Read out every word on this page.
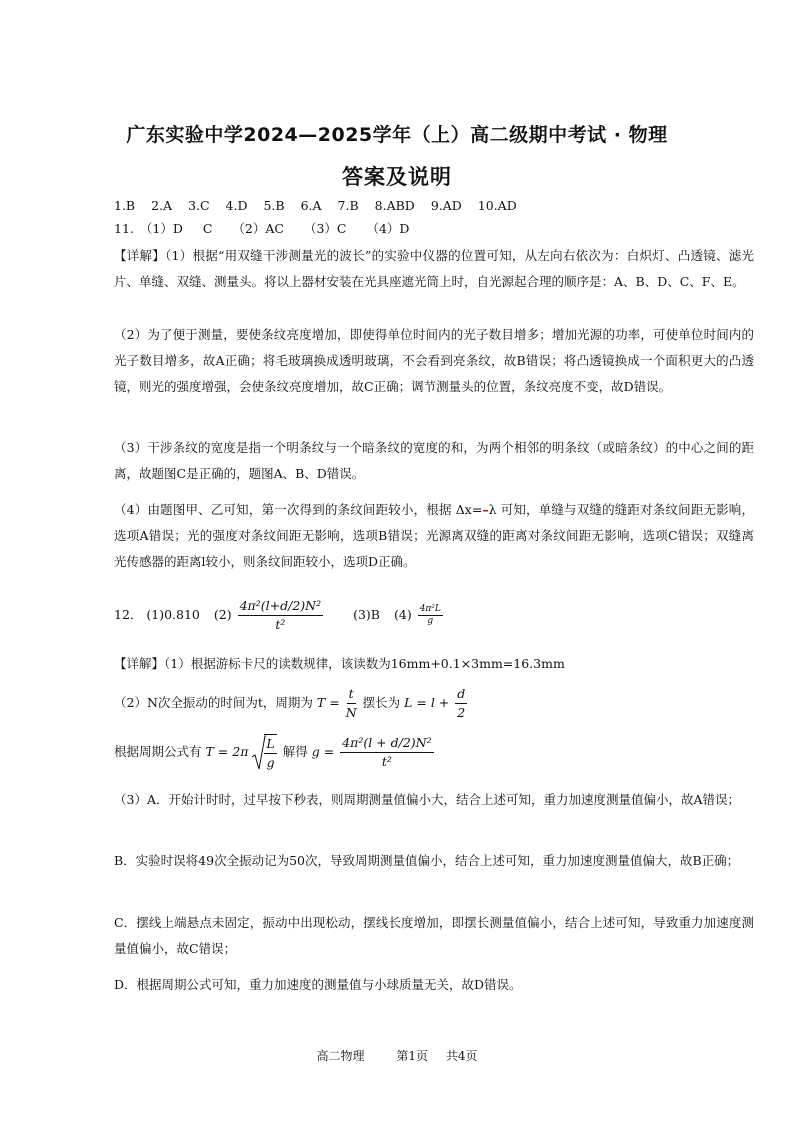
广东实验中学2024—2025学年（上）高二级期中考试 · 物理
答案及说明
1.B 2.A 3.C 4.D 5.B 6.A 7.B 8.ABD 9.AD 10.AD
11. （1）D C （2）AC （3）C （4）D
【详解】（1）根据“用双缝干涉测量光的波长”的实验中仪器的位置可知，从左向右依次为：白炽灯、凸透镜、滤光片、单缝、双缝、测量头。将以上器材安装在光具座遮光筒上时，自光源起合理的顺序是：A、B、D、C、F、E。
（2）为了便于测量，要使条纹亮度增加，即使得单位时间内的光子数目增多；增加光源的功率，可使单位时间内的光子数目增多，故A正确；将毛玻璃换成透明玻璃，不会看到亮条纹，故B错误；将凸透镜换成一个面积更大的凸透镜，则光的强度增强，会使条纹亮度增加，故C正确；调节测量头的位置，条纹亮度不变，故D错误。
（3）干涉条纹的宽度是指一个明条纹与一个暗条纹的宽度的和，为两个相邻的明条纹（或暗条纹）的中心之间的距离，故题图C是正确的，题图A、B、D错误。
（4）由题图甲、乙可知，第一次得到的条纹间距较小，根据 Δx=–λ 可知，单缝与双缝的缝距对条纹间距无影响，选项A错误；光的强度对条纹间距无影响，选项B错误；光源离双缝的距离对条纹间距无影响，选项C错误；双缝离光传感器的距离l较小，则条纹间距较小，选项D正确。
12． (1)0.810 $(2) \frac{\text{4π²(l+d/2)N²}}{\text{t²}} (3)B$ $(4) \frac{\text{4π²L}}{g}$
【详解】（1）根据游标卡尺的读数规律，该读数为16mm+0.1×3mm=16.3mm
（2）N次全振动的时间为t，周期为 $T = \frac{t}{N}$ 摆长为 $L = l + \frac{d}{2}$
根据周期公式有 $T = 2\pi \frac{L}{g}$ 解得 $g = \frac{\text{4π²(l + d/2)N²}}{\text{t²}}$
（3）A．开始计时时，过早按下秒表，则周期测量值偏小大，结合上述可知，重力加速度测量值偏小，故A错误；
B．实验时误将49次全振动记为50次，导致周期测量值偏小，结合上述可知，重力加速度测量值偏大，故B正确；
C．摆线上端悬点未固定，振动中出现松动，摆线长度增加，即摆长测量值偏小，结合上述可知，导致重力加速度测量值偏小，故C错误；
D．根据周期公式可知，重力加速度的测量值与小球质量无关，故D错误。
高二物理	第1页 共4页
